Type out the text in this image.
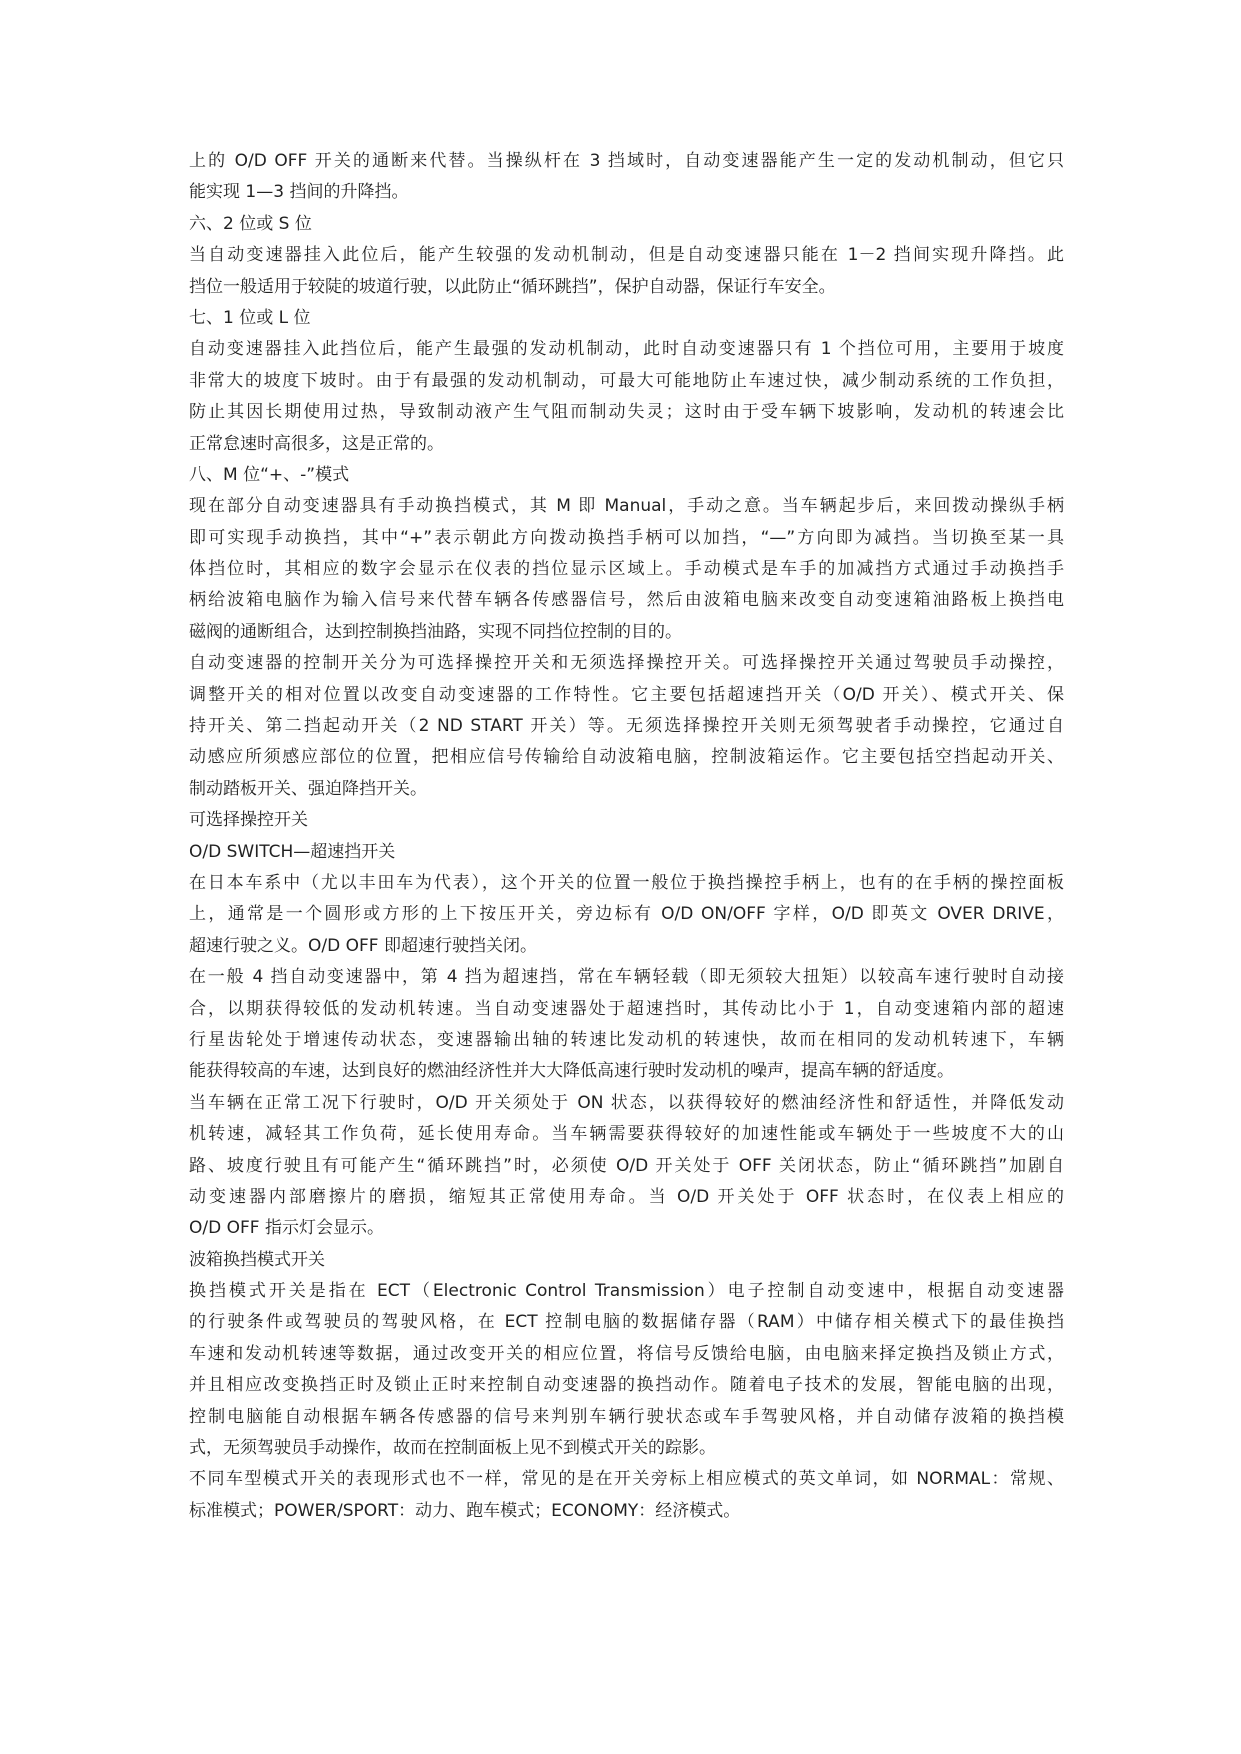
上的 O/D OFF 开关的通断来代替。当操纵杆在 3 挡域时，自动变速器能产生一定的发动机制动，但它只
能实现 1—3 挡间的升降挡。
六、2 位或 S 位
当自动变速器挂入此位后，能产生较强的发动机制动，但是自动变速器只能在 1－2 挡间实现升降挡。此
挡位一般适用于较陡的坡道行驶，以此防止“循环跳挡”，保护自动器，保证行车安全。
七、1 位或 L 位
自动变速器挂入此挡位后，能产生最强的发动机制动，此时自动变速器只有 1 个挡位可用，主要用于坡度
非常大的坡度下坡时。由于有最强的发动机制动，可最大可能地防止车速过快，减少制动系统的工作负担，
防止其因长期使用过热，导致制动液产生气阻而制动失灵；这时由于受车辆下坡影响，发动机的转速会比
正常怠速时高很多，这是正常的。
八、M 位“+、-”模式
现在部分自动变速器具有手动换挡模式，其 M 即 Manual，手动之意。当车辆起步后，来回拨动操纵手柄
即可实现手动换挡，其中“+”表示朝此方向拨动换挡手柄可以加挡，“—”方向即为减挡。当切换至某一具
体挡位时，其相应的数字会显示在仪表的挡位显示区域上。手动模式是车手的加减挡方式通过手动换挡手
柄给波箱电脑作为输入信号来代替车辆各传感器信号，然后由波箱电脑来改变自动变速箱油路板上换挡电
磁阀的通断组合，达到控制换挡油路，实现不同挡位控制的目的。
自动变速器的控制开关分为可选择操控开关和无须选择操控开关。可选择操控开关通过驾驶员手动操控，
调整开关的相对位置以改变自动变速器的工作特性。它主要包括超速挡开关（O/D 开关）、模式开关、保
持开关、第二挡起动开关（2 ND START 开关）等。无须选择操控开关则无须驾驶者手动操控，它通过自
动感应所须感应部位的位置，把相应信号传输给自动波箱电脑，控制波箱运作。它主要包括空挡起动开关、
制动踏板开关、强迫降挡开关。
可选择操控开关
O/D SWITCH—超速挡开关
在日本车系中（尤以丰田车为代表），这个开关的位置一般位于换挡操控手柄上，也有的在手柄的操控面板
上，通常是一个圆形或方形的上下按压开关，旁边标有 O/D ON/OFF 字样，O/D 即英文 OVER DRIVE，
超速行驶之义。O/D OFF 即超速行驶挡关闭。
在一般 4 挡自动变速器中，第 4 挡为超速挡，常在车辆轻载（即无须较大扭矩）以较高车速行驶时自动接
合，以期获得较低的发动机转速。当自动变速器处于超速挡时，其传动比小于 1，自动变速箱内部的超速
行星齿轮处于增速传动状态，变速器输出轴的转速比发动机的转速快，故而在相同的发动机转速下，车辆
能获得较高的车速，达到良好的燃油经济性并大大降低高速行驶时发动机的噪声，提高车辆的舒适度。
当车辆在正常工况下行驶时，O/D 开关须处于 ON 状态，以获得较好的燃油经济性和舒适性，并降低发动
机转速，减轻其工作负荷，延长使用寿命。当车辆需要获得较好的加速性能或车辆处于一些坡度不大的山
路、坡度行驶且有可能产生“循环跳挡”时，必须使 O/D 开关处于 OFF 关闭状态，防止“循环跳挡”加剧自
动变速器内部磨擦片的磨损，缩短其正常使用寿命。当 O/D 开关处于 OFF 状态时，在仪表上相应的
O/D OFF 指示灯会显示。
波箱换挡模式开关
换挡模式开关是指在 ECT（Electronic Control Transmission）电子控制自动变速中，根据自动变速器
的行驶条件或驾驶员的驾驶风格，在 ECT 控制电脑的数据储存器（RAM）中储存相关模式下的最佳换挡
车速和发动机转速等数据，通过改变开关的相应位置，将信号反馈给电脑，由电脑来择定换挡及锁止方式，
并且相应改变换挡正时及锁止正时来控制自动变速器的换挡动作。随着电子技术的发展，智能电脑的出现，
控制电脑能自动根据车辆各传感器的信号来判别车辆行驶状态或车手驾驶风格，并自动储存波箱的换挡模
式，无须驾驶员手动操作，故而在控制面板上见不到模式开关的踪影。
不同车型模式开关的表现形式也不一样，常见的是在开关旁标上相应模式的英文单词，如 NORMAL：常规、
标准模式；POWER/SPORT：动力、跑车模式；ECONOMY：经济模式。
